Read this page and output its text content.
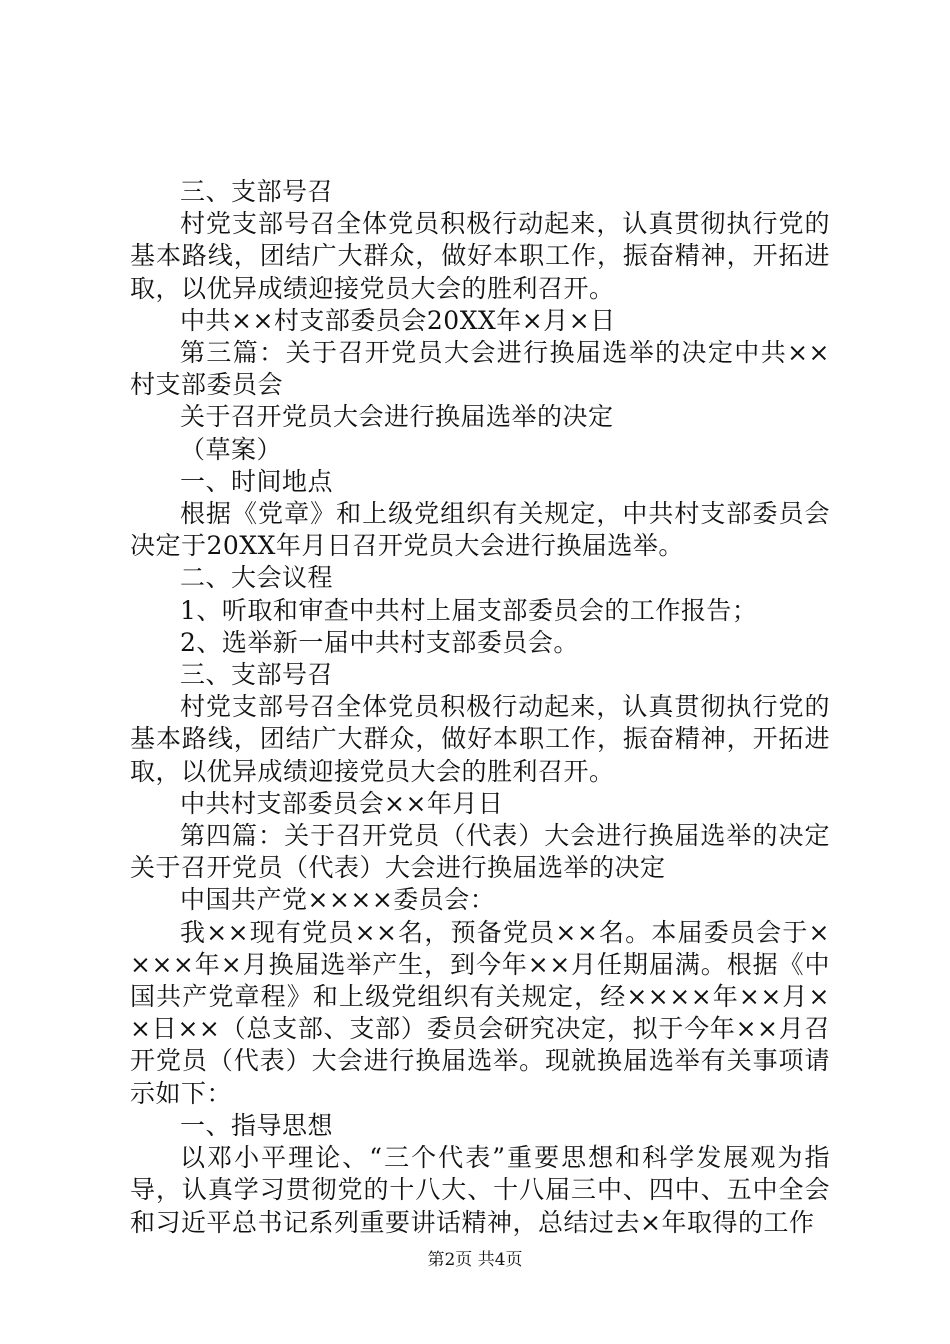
三、支部号召

村党支部号召全体党员积极行动起来，认真贯彻执行党的基本路线，团结广大群众，做好本职工作，振奋精神，开拓进取，以优异成绩迎接党员大会的胜利召开。

中共××村支部委员会20XX年×月×日

第三篇：关于召开党员大会进行换届选举的决定中共××村支部委员会

关于召开党员大会进行换届选举的决定

（草案）

一、时间地点

根据《党章》和上级党组织有关规定，中共村支部委员会决定于20XX年月日召开党员大会进行换届选举。

二、大会议程

1、听取和审查中共村上届支部委员会的工作报告；

2、选举新一届中共村支部委员会。

三、支部号召

村党支部号召全体党员积极行动起来，认真贯彻执行党的基本路线，团结广大群众，做好本职工作，振奋精神，开拓进取，以优异成绩迎接党员大会的胜利召开。

中共村支部委员会××年月日

第四篇：关于召开党员（代表）大会进行换届选举的决定关于召开党员（代表）大会进行换届选举的决定

中国共产党××××委员会：

我××现有党员××名，预备党员××名。本届委员会于××××年×月换届选举产生，到今年××月任期届满。根据《中国共产党章程》和上级党组织有关规定，经××××年××月××日××（总支部、支部）委员会研究决定，拟于今年××月召开党员（代表）大会进行换届选举。现就换届选举有关事项请示如下：

一、指导思想

以邓小平理论、“三个代表”重要思想和科学发展观为指导，认真学习贯彻党的十八大、十八届三中、四中、五中全会和习近平总书记系列重要讲话精神，总结过去×年取得的工作

第2页 共4页
